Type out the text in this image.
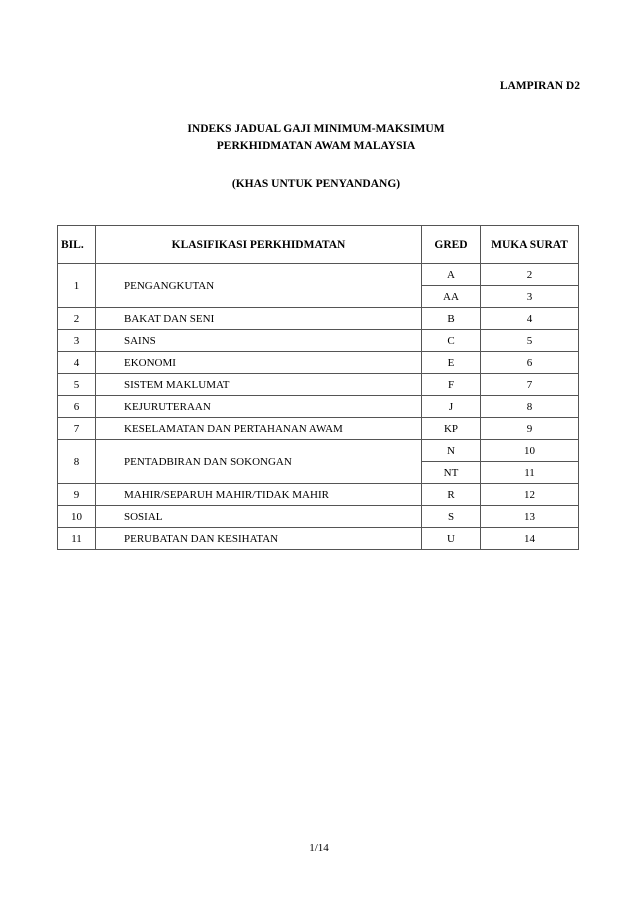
LAMPIRAN D2
INDEKS JADUAL GAJI MINIMUM-MAKSIMUM
PERKHIDMATAN AWAM MALAYSIA
(KHAS UNTUK PENYANDANG)
BIL.	KLASIFIKASI PERKHIDMATAN	GRED	MUKA SURAT
1	PENGANGKUTAN	A	2
		AA	3
2	BAKAT DAN SENI	B	4
3	SAINS	C	5
4	EKONOMI	E	6
5	SISTEM MAKLUMAT	F	7
6	KEJURUTERAAN	J	8
7	KESELAMATAN DAN PERTAHANAN AWAM	KP	9
8	PENTADBIRAN DAN SOKONGAN	N	10
		NT	11
9	MAHIR/SEPARUH MAHIR/TIDAK MAHIR	R	12
10	SOSIAL	S	13
11	PERUBATAN DAN KESIHATAN	U	14
1/14
